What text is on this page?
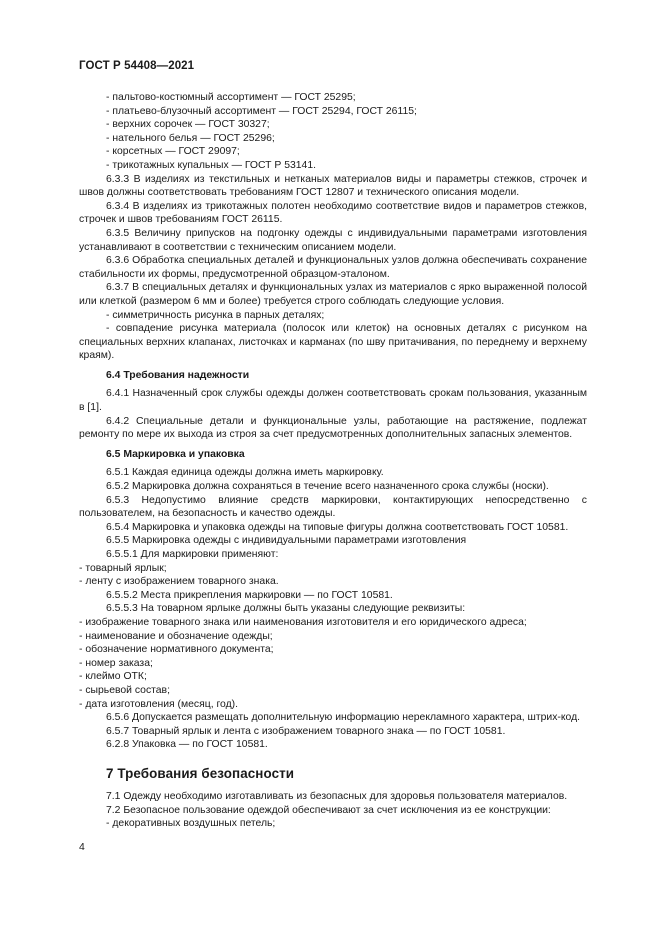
ГОСТ Р 54408—2021

- пальтово-костюмный ассортимент — ГОСТ 25295;

- платьево-блузочный ассортимент — ГОСТ 25294, ГОСТ 26115;

- верхних сорочек — ГОСТ 30327;

- нательного белья — ГОСТ 25296;

- корсетных — ГОСТ 29097;

- трикотажных купальных — ГОСТ Р 53141.

6.3.3 В изделиях из текстильных и нетканых материалов виды и параметры стежков, строчек и швов должны соответствовать требованиям ГОСТ 12807 и технического описания модели.

6.3.4 В изделиях из трикотажных полотен необходимо соответствие видов и параметров стежков, строчек и швов требованиям ГОСТ 26115.

6.3.5 Величину припусков на подгонку одежды с индивидуальными параметрами изготовления устанавливают в соответствии с техническим описанием модели.

6.3.6 Обработка специальных деталей и функциональных узлов должна обеспечивать сохранение стабильности их формы, предусмотренной образцом-эталоном.

6.3.7 В специальных деталях и функциональных узлах из материалов с ярко выраженной полосой или клеткой (размером 6 мм и более) требуется строго соблюдать следующие условия.

- симметричность рисунка в парных деталях;

- совпадение рисунка материала (полосок или клеток) на основных деталях с рисунком на специальных верхних клапанах, листочках и карманах (по шву притачивания, по переднему и верхнему краям).

6.4 Требования надежности

6.4.1 Назначенный срок службы одежды должен соответствовать срокам пользования, указанным в [1].

6.4.2 Специальные детали и функциональные узлы, работающие на растяжение, подлежат ремонту по мере их выхода из строя за счет предусмотренных дополнительных запасных элементов.

6.5 Маркировка и упаковка

6.5.1 Каждая единица одежды должна иметь маркировку.

6.5.2 Маркировка должна сохраняться в течение всего назначенного срока службы (носки).

6.5.3 Недопустимо влияние средств маркировки, контактирующих непосредственно с пользователем, на безопасность и качество одежды.

6.5.4 Маркировка и упаковка одежды на типовые фигуры должна соответствовать ГОСТ 10581.

6.5.5 Маркировка одежды с индивидуальными параметрами изготовления

6.5.5.1 Для маркировки применяют:

- товарный ярлык;

- ленту с изображением товарного знака.

6.5.5.2 Места прикрепления маркировки — по ГОСТ 10581.

6.5.5.3 На товарном ярлыке должны быть указаны следующие реквизиты:

- изображение товарного знака или наименования изготовителя и его юридического адреса;

- наименование и обозначение одежды;

- обозначение нормативного документа;

- номер заказа;

- клеймо ОТК;

- сырьевой состав;

- дата изготовления (месяц, год).

6.5.6 Допускается размещать дополнительную информацию нерекламного характера, штрих-код.

6.5.7 Товарный ярлык и лента с изображением товарного знака — по ГОСТ 10581.

6.2.8 Упаковка — по ГОСТ 10581.

7 Требования безопасности

7.1 Одежду необходимо изготавливать из безопасных для здоровья пользователя материалов.

7.2 Безопасное пользование одеждой обеспечивают за счет исключения из ее конструкции:

- декоративных воздушных петель;

4
